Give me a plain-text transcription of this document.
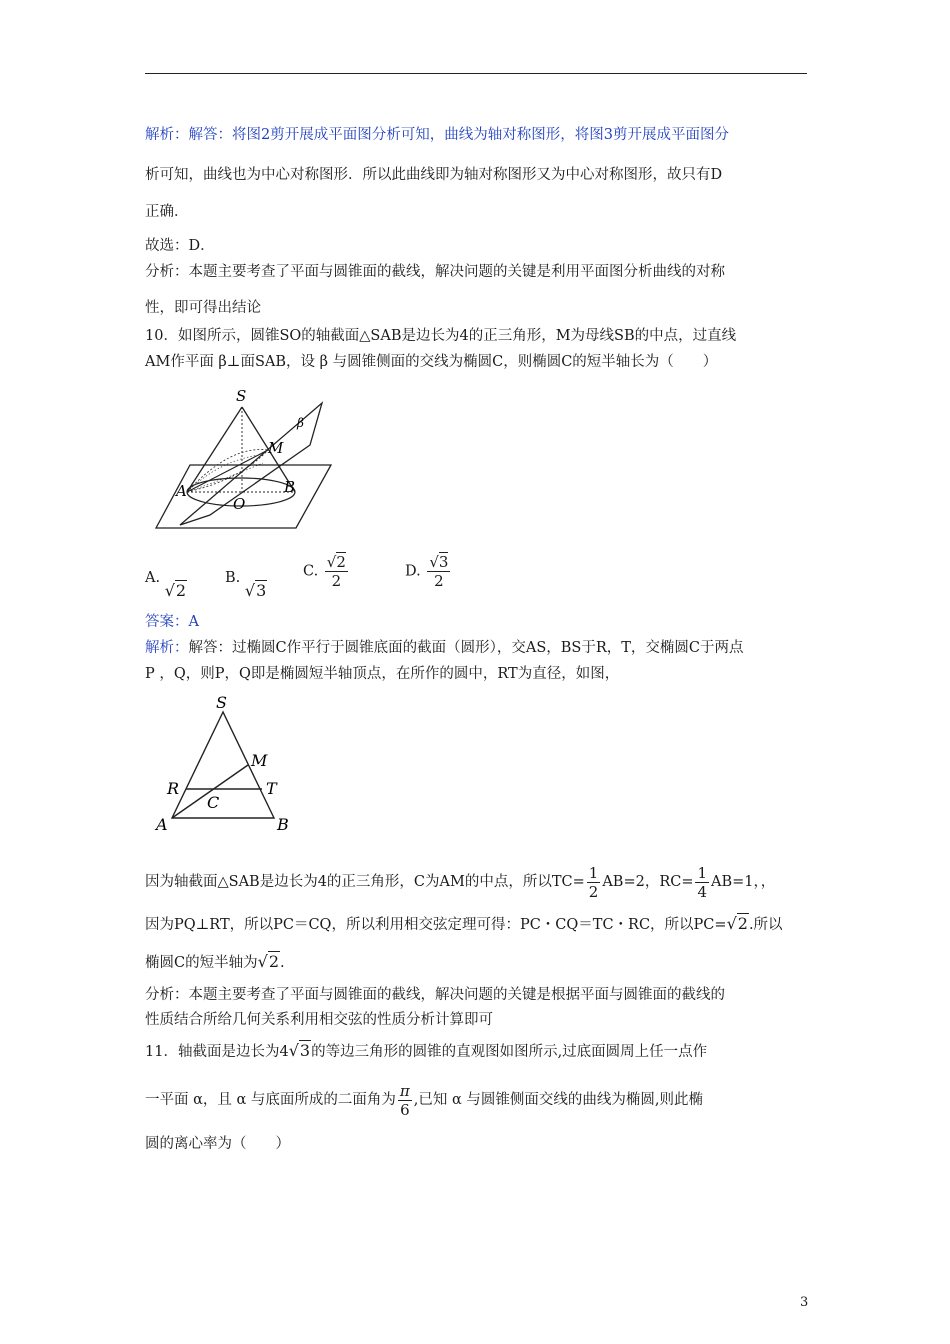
解析：解答：将图2剪开展成平面图分析可知，曲线为轴对称图形，将图3剪开展成平面图分
析可知，曲线也为中心对称图形．所以此曲线即为轴对称图形又为中心对称图形，故只有D
正确．
故选：D．
分析：本题主要考查了平面与圆锥面的截线，解决问题的关键是利用平面图分析曲线的对称
性，即可得出结论
10．如图所示，圆锥SO的轴截面△SAB是边长为4的正三角形，M为母线SB的中点，过直线
AM作平面 β⊥面SAB，设 β 与圆锥侧面的交线为椭圆C，则椭圆C的短半轴长为（　　）
S
M
A	B
O
β
A. √2
B. √3
C. $\frac{√2}{2}$	D. $\frac{√3}{2}$
答案：A
解析：解答：过椭圆C作平行于圆锥底面的截面（圆形），交AS，BS于R，T，交椭圆C于两点
P ，Q，则P，Q即是椭圆短半轴顶点，在所作的圆中，RT为直径，如图，
S
M
R	T
C
A	B
因为轴截面△SAB是边长为4的正三角形，C为AM的中点，所以$TC= \frac{1}{2} AB=2$，$RC= \frac{1}{4} AB=1$，，
因为PQ⊥RT，所以PC＝CQ，所以利用相交弦定理可得：PC・CQ＝TC・RC，所以PC=√2.所以
椭圆C的短半轴为√2.
分析：本题主要考查了平面与圆锥面的截线，解决问题的关键是根据平面与圆锥面的截线的
性质结合所给几何关系利用相交弦的性质分析计算即可
11．轴截面是边长为4√3的等边三角形的圆锥的直观图如图所示,过底面圆周上任一点作
一平面 α，且 α 与底面所成的二面角为 $\frac{\pi}{6}$ ,已知 α 与圆锥侧面交线的曲线为椭圆,则此椭
圆的离心率为（　　）
3
